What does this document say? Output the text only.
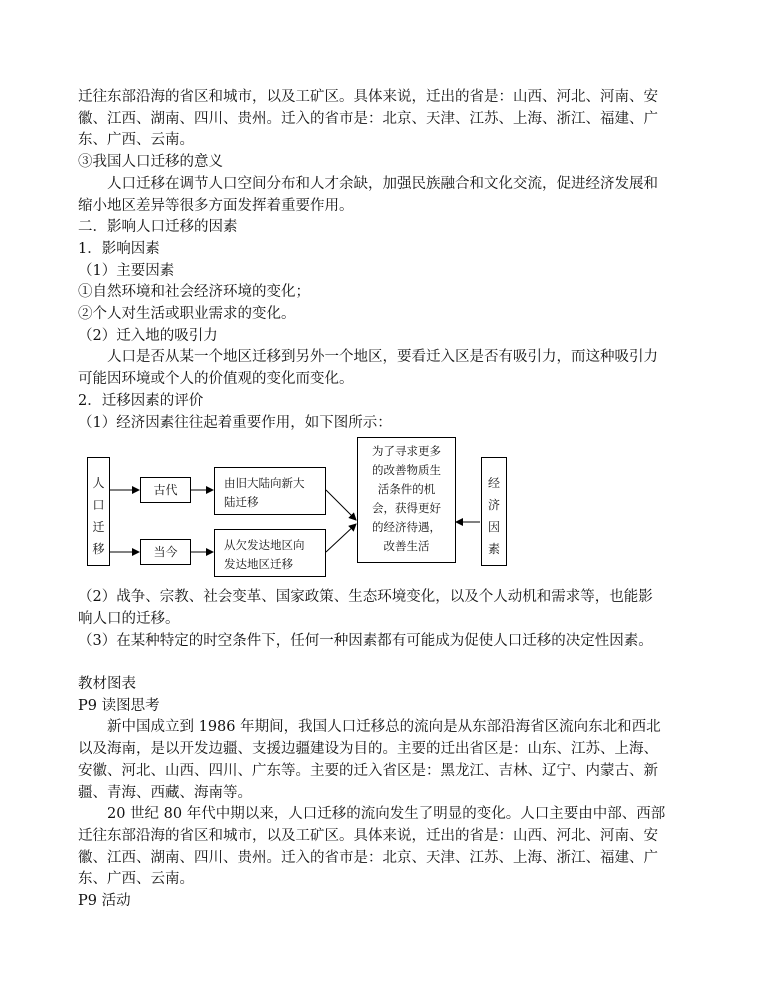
迁往东部沿海的省区和城市，以及工矿区。具体来说，迁出的省是：山西、河北、河南、安
徽、江西、湖南、四川、贵州。迁入的省市是：北京、天津、江苏、上海、浙江、福建、广
东、广西、云南。
③我国人口迁移的意义
人口迁移在调节人口空间分布和人才余缺，加强民族融合和文化交流，促进经济发展和
缩小地区差异等很多方面发挥着重要作用。
二．影响人口迁移的因素
1．影响因素
（1）主要因素
①自然环境和社会经济环境的变化；
②个人对生活或职业需求的变化。
（2）迁入地的吸引力
人口是否从某一个地区迁移到另外一个地区，要看迁入区是否有吸引力，而这种吸引力
可能因环境或个人的价值观的变化而变化。
2．迁移因素的评价
（1）经济因素往往起着重要作用，如下图所示：
人
口
迁
移
古代
当今
由旧大陆向新大
陆迁移
从欠发达地区向
发达地区迁移
为了寻求更多
的改善物质生
活条件的机
会，获得更好
的经济待遇，
改善生活
经
济
因
素
（2）战争、宗教、社会变革、国家政策、生态环境变化，以及个人动机和需求等，也能影
响人口的迁移。
（3）在某种特定的时空条件下，任何一种因素都有可能成为促使人口迁移的决定性因素。
教材图表
P9 读图思考
新中国成立到 1986 年期间，我国人口迁移总的流向是从东部沿海省区流向东北和西北
以及海南，是以开发边疆、支援边疆建设为目的。主要的迁出省区是：山东、江苏、上海、
安徽、河北、山西、四川、广东等。主要的迁入省区是：黑龙江、吉林、辽宁、内蒙古、新
疆、青海、西藏、海南等。
20 世纪 80 年代中期以来，人口迁移的流向发生了明显的变化。人口主要由中部、西部
迁往东部沿海的省区和城市，以及工矿区。具体来说，迁出的省是：山西、河北、河南、安
徽、江西、湖南、四川、贵州。迁入的省市是：北京、天津、江苏、上海、浙江、福建、广
东、广西、云南。
P9 活动
